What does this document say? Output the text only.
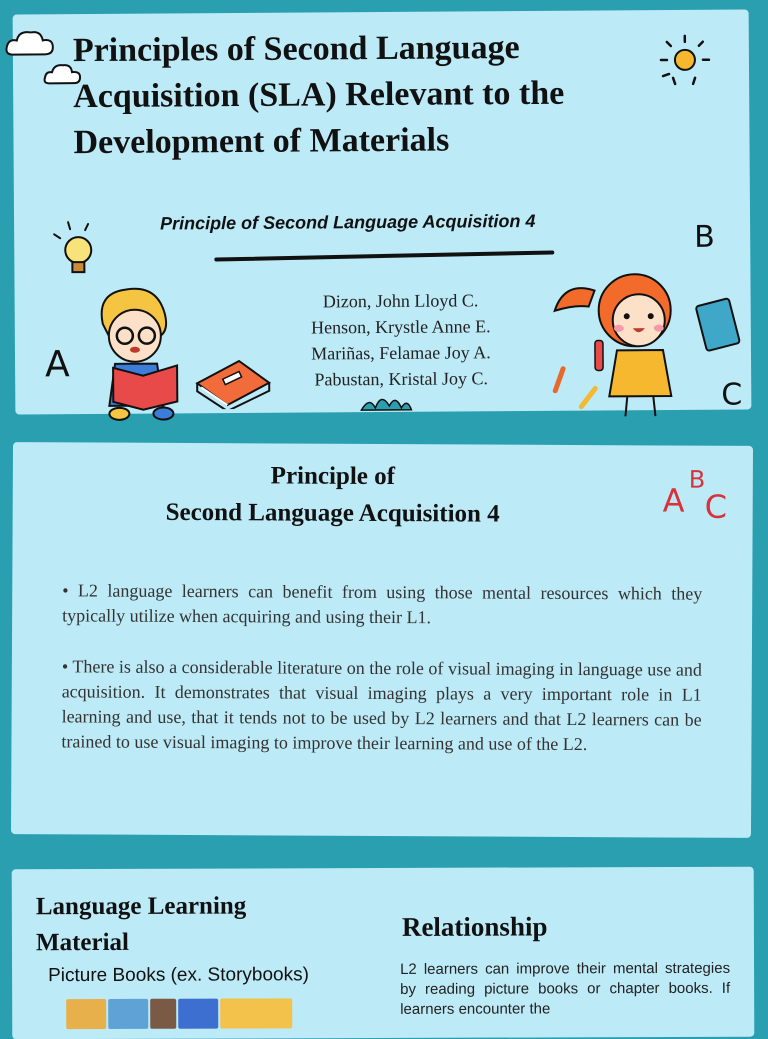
Principles of Second Language Acquisition (SLA) Relevant to the Development of Materials

Principle of Second Language Acquisition 4

Dizon, John Lloyd C.
Henson, Krystle Anne E.
Mariñas, Felamae Joy A.
Pabustan, Kristal Joy C.
A
B
C
Principle of
Second Language Acquisition 4	A
B
C

• L2 language learners can benefit from using those mental resources which they typically utilize when acquiring and using their L1.

• There is also a considerable literature on the role of visual imaging in language use and acquisition. It demonstrates that visual imaging plays a very important role in L1 learning and use, that it tends not to be used by L2 learners and that L2 learners can be trained to use visual imaging to improve their learning and use of the L2.

Language Learning Material

Picture Books (ex. Storybooks)

Relationship

L2 learners can improve their mental strategies by reading picture books or chapter books. If learners encounter the
